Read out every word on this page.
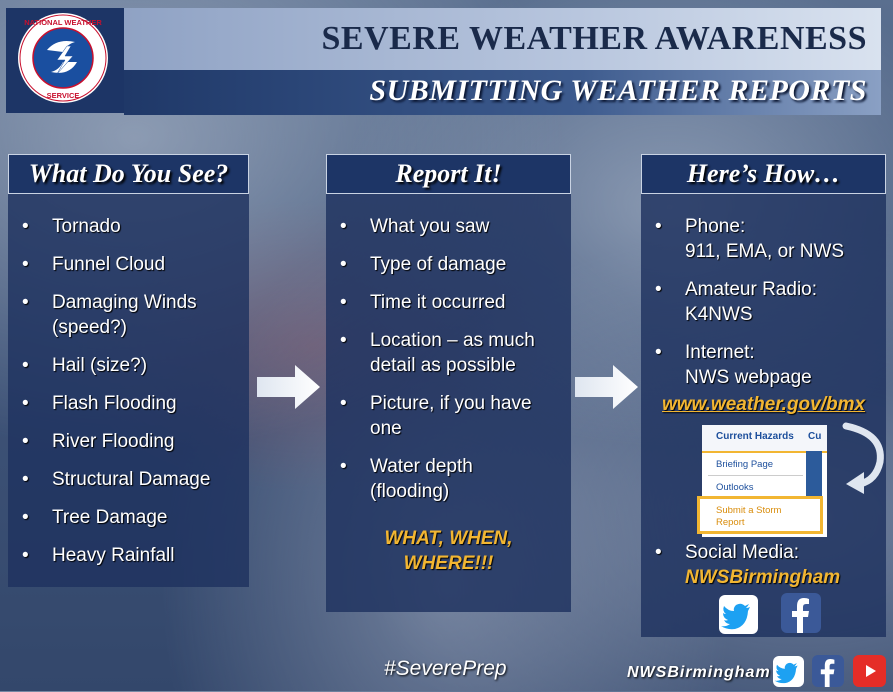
NATIONAL WEATHER
SERVICE
SEVERE WEATHER AWARENESS
SUBMITTING WEATHER REPORTS
What Do You See?
• Tornado
• Funnel Cloud
• Damaging Winds (speed?)
• Hail (size?)
• Flash Flooding
• River Flooding
• Structural Damage
• Tree Damage
• Heavy Rainfall
Report It!
• What you saw
• Type of damage
• Time it occurred
• Location – as much detail as possible
• Picture, if you have one
• Water depth (flooding)
WHAT, WHEN,
WHERE!!!
Here’s How…
• Phone:
911, EMA, or NWS
• Amateur Radio:
K4NWS
• Internet:
NWS webpage
www.weather.gov/bmx
• Social Media:
NWSBirmingham
Current Hazards Cu
Briefing Page
Outlooks
Submit a Storm
Report
#SeverePrep	NWSBirmingham
